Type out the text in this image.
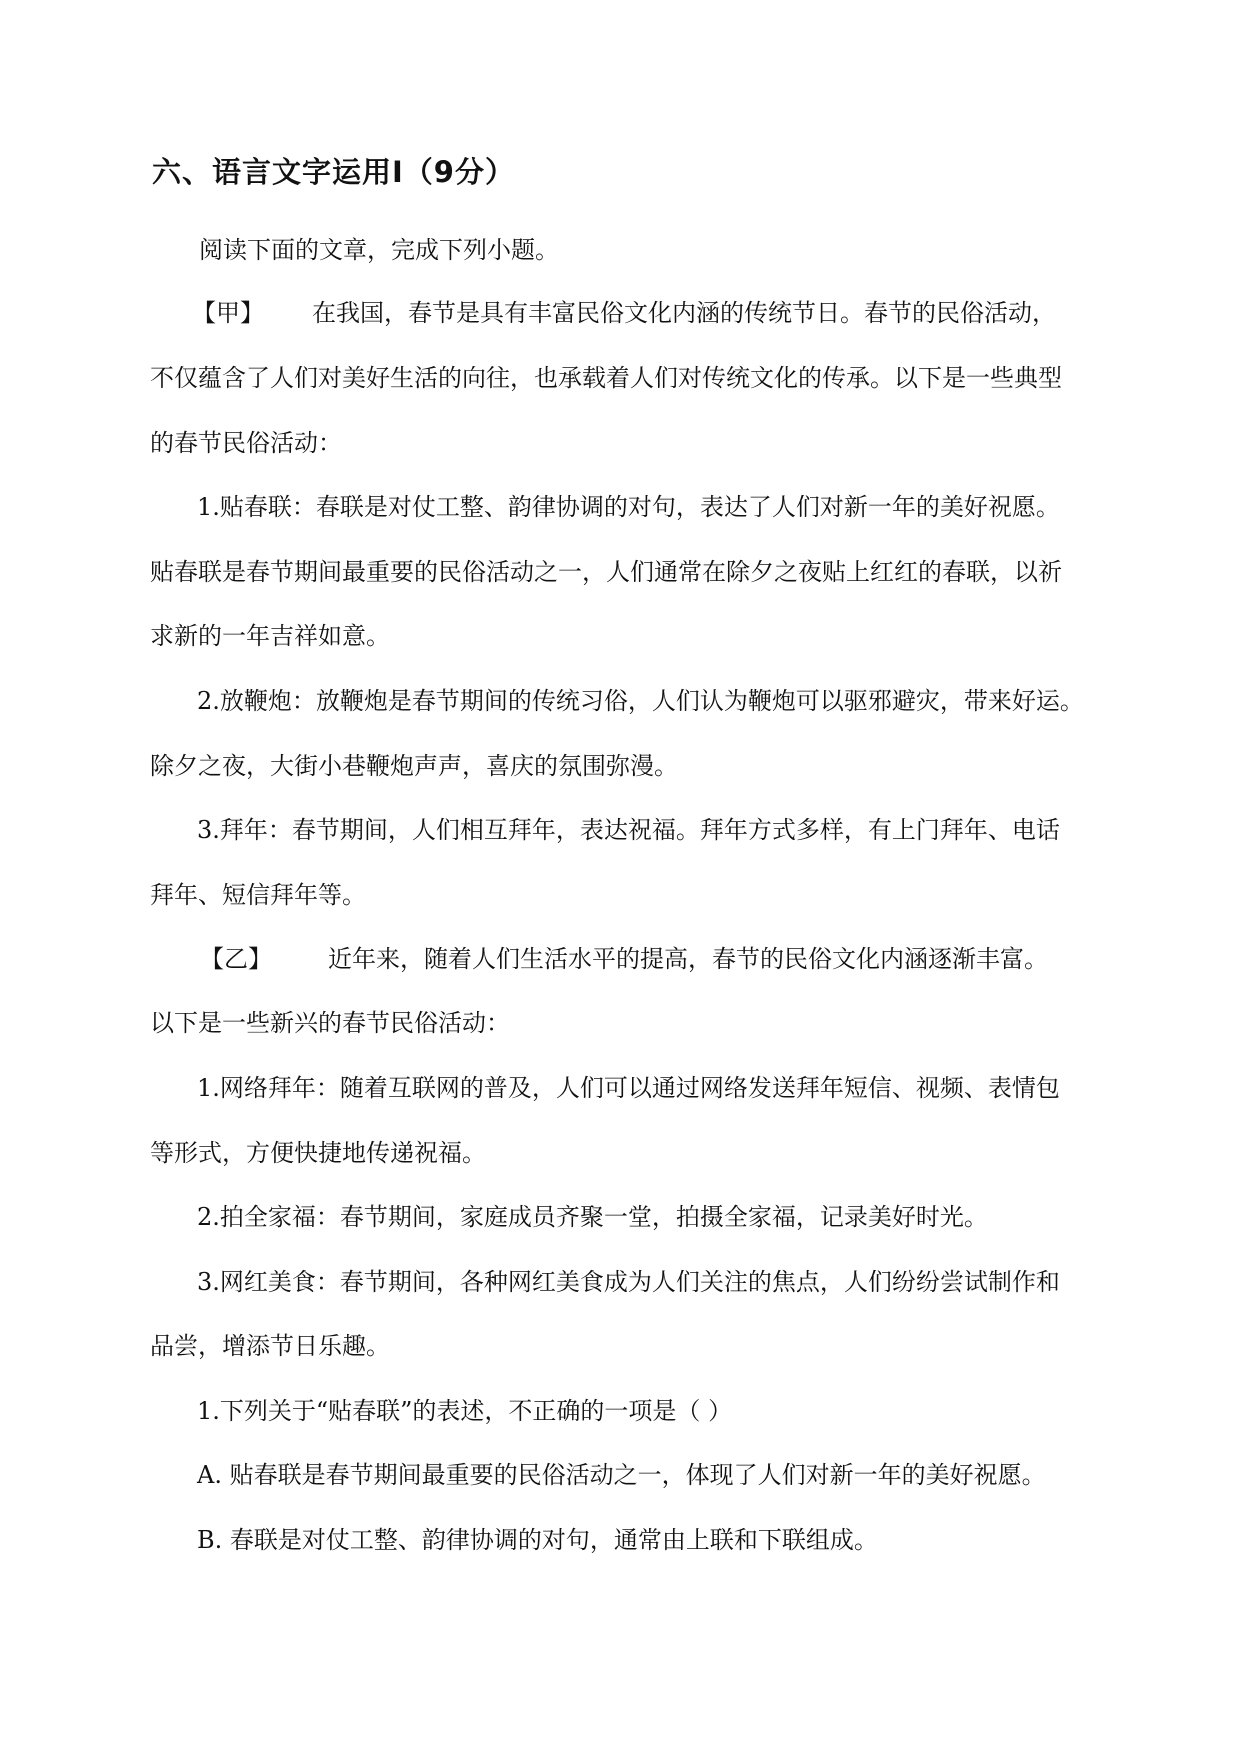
六、语言文字运用Ⅰ（9分）
阅读下面的文章，完成下列小题。
【甲】 在我国，春节是具有丰富民俗文化内涵的传统节日。春节的民俗活动，
不仅蕴含了人们对美好生活的向往，也承载着人们对传统文化的传承。以下是一些典型
的春节民俗活动：
1.贴春联：春联是对仗工整、韵律协调的对句，表达了人们对新一年的美好祝愿。
贴春联是春节期间最重要的民俗活动之一，人们通常在除夕之夜贴上红红的春联，以祈
求新的一年吉祥如意。
2.放鞭炮：放鞭炮是春节期间的传统习俗，人们认为鞭炮可以驱邪避灾，带来好运。
除夕之夜，大街小巷鞭炮声声，喜庆的氛围弥漫。
3.拜年：春节期间，人们相互拜年，表达祝福。拜年方式多样，有上门拜年、电话
拜年、短信拜年等。
【乙】 近年来，随着人们生活水平的提高，春节的民俗文化内涵逐渐丰富。
以下是一些新兴的春节民俗活动：
1.网络拜年：随着互联网的普及，人们可以通过网络发送拜年短信、视频、表情包
等形式，方便快捷地传递祝福。
2.拍全家福：春节期间，家庭成员齐聚一堂，拍摄全家福，记录美好时光。
3.网红美食：春节期间，各种网红美食成为人们关注的焦点，人们纷纷尝试制作和
品尝，增添节日乐趣。
1.下列关于“贴春联”的表述，不正确的一项是（ ）
A. 贴春联是春节期间最重要的民俗活动之一，体现了人们对新一年的美好祝愿。
B. 春联是对仗工整、韵律协调的对句，通常由上联和下联组成。
